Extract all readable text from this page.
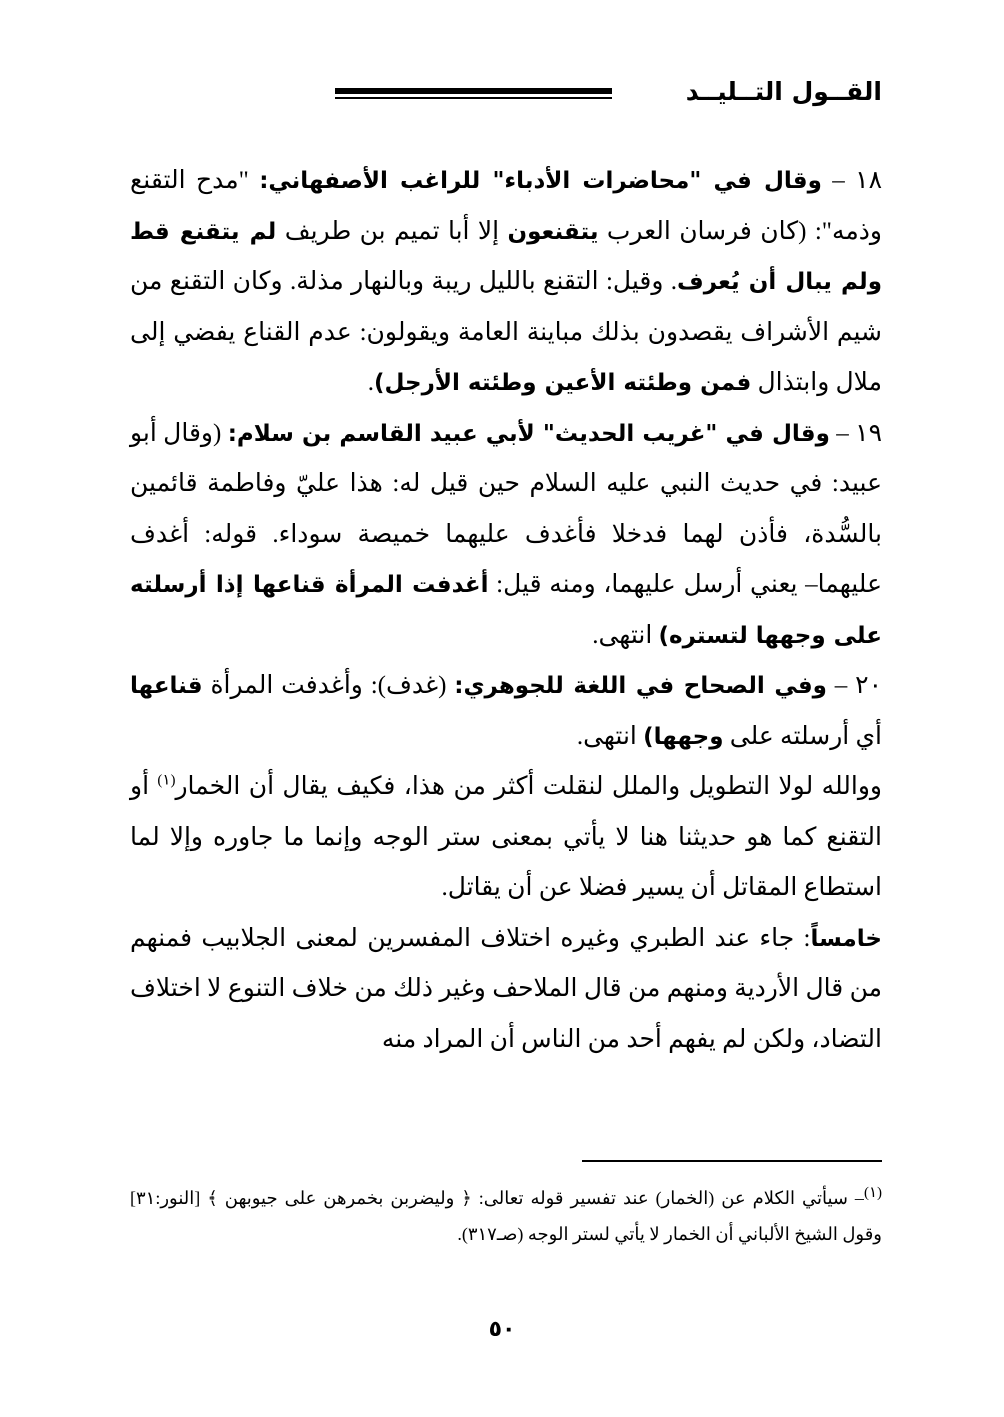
القــول التــليــد

١٨ – وقال في "محاضرات الأدباء" للراغب الأصفهاني: "مدح التقنع وذمه": (كان فرسان العرب يتقنعون إلا أبا تميم بن طريف لم يتقنع قط ولم يبال أن يُعرف. وقيل: التقنع بالليل ريبة وبالنهار مذلة. وكان التقنع من شيم الأشراف يقصدون بذلك مباينة العامة ويقولون: عدم القناع يفضي إلى ملال وابتذال فمن وطئته الأعين وطئته الأرجل).

١٩ – وقال في "غريب الحديث" لأبي عبيد القاسم بن سلام: (وقال أبو عبيد: في حديث النبي عليه السلام حين قيل له: هذا عليّ وفاطمة قائمين بالسُّدة، فأذن لهما فدخلا فأغدف عليهما خميصة سوداء. قوله: أغدف عليهما– يعني أرسل عليهما، ومنه قيل: أغدفت المرأة قناعها إذا أرسلته على وجهها لتستره) انتهى.

٢٠ – وفي الصحاح في اللغة للجوهري: (غدف): وأغدفت المرأة قناعها أي أرسلته على وجهها) انتهى.

ووالله لولا التطويل والملل لنقلت أكثر من هذا، فكيف يقال أن الخمار$^{(١)}$ أو التقنع كما هو حديثنا هنا لا يأتي بمعنى ستر الوجه وإنما ما جاوره وإلا لما استطاع المقاتل أن يسير فضلا عن أن يقاتل.

خامساً: جاء عند الطبري وغيره اختلاف المفسرين لمعنى الجلابيب فمنهم من قال الأردية ومنهم من قال الملاحف وغير ذلك من خلاف التنوع لا اختلاف التضاد، ولكن لم يفهم أحد من الناس أن المراد منه

$^{(١)}$– سيأتي الكلام عن (الخمار) عند تفسير قوله تعالى: ﴿ وليضربن بخمرهن على جيوبهن ﴾ [النور:٣١] وقول الشيخ الألباني أن الخمار لا يأتي لستر الوجه (صـ٣١٧).

٥٠
